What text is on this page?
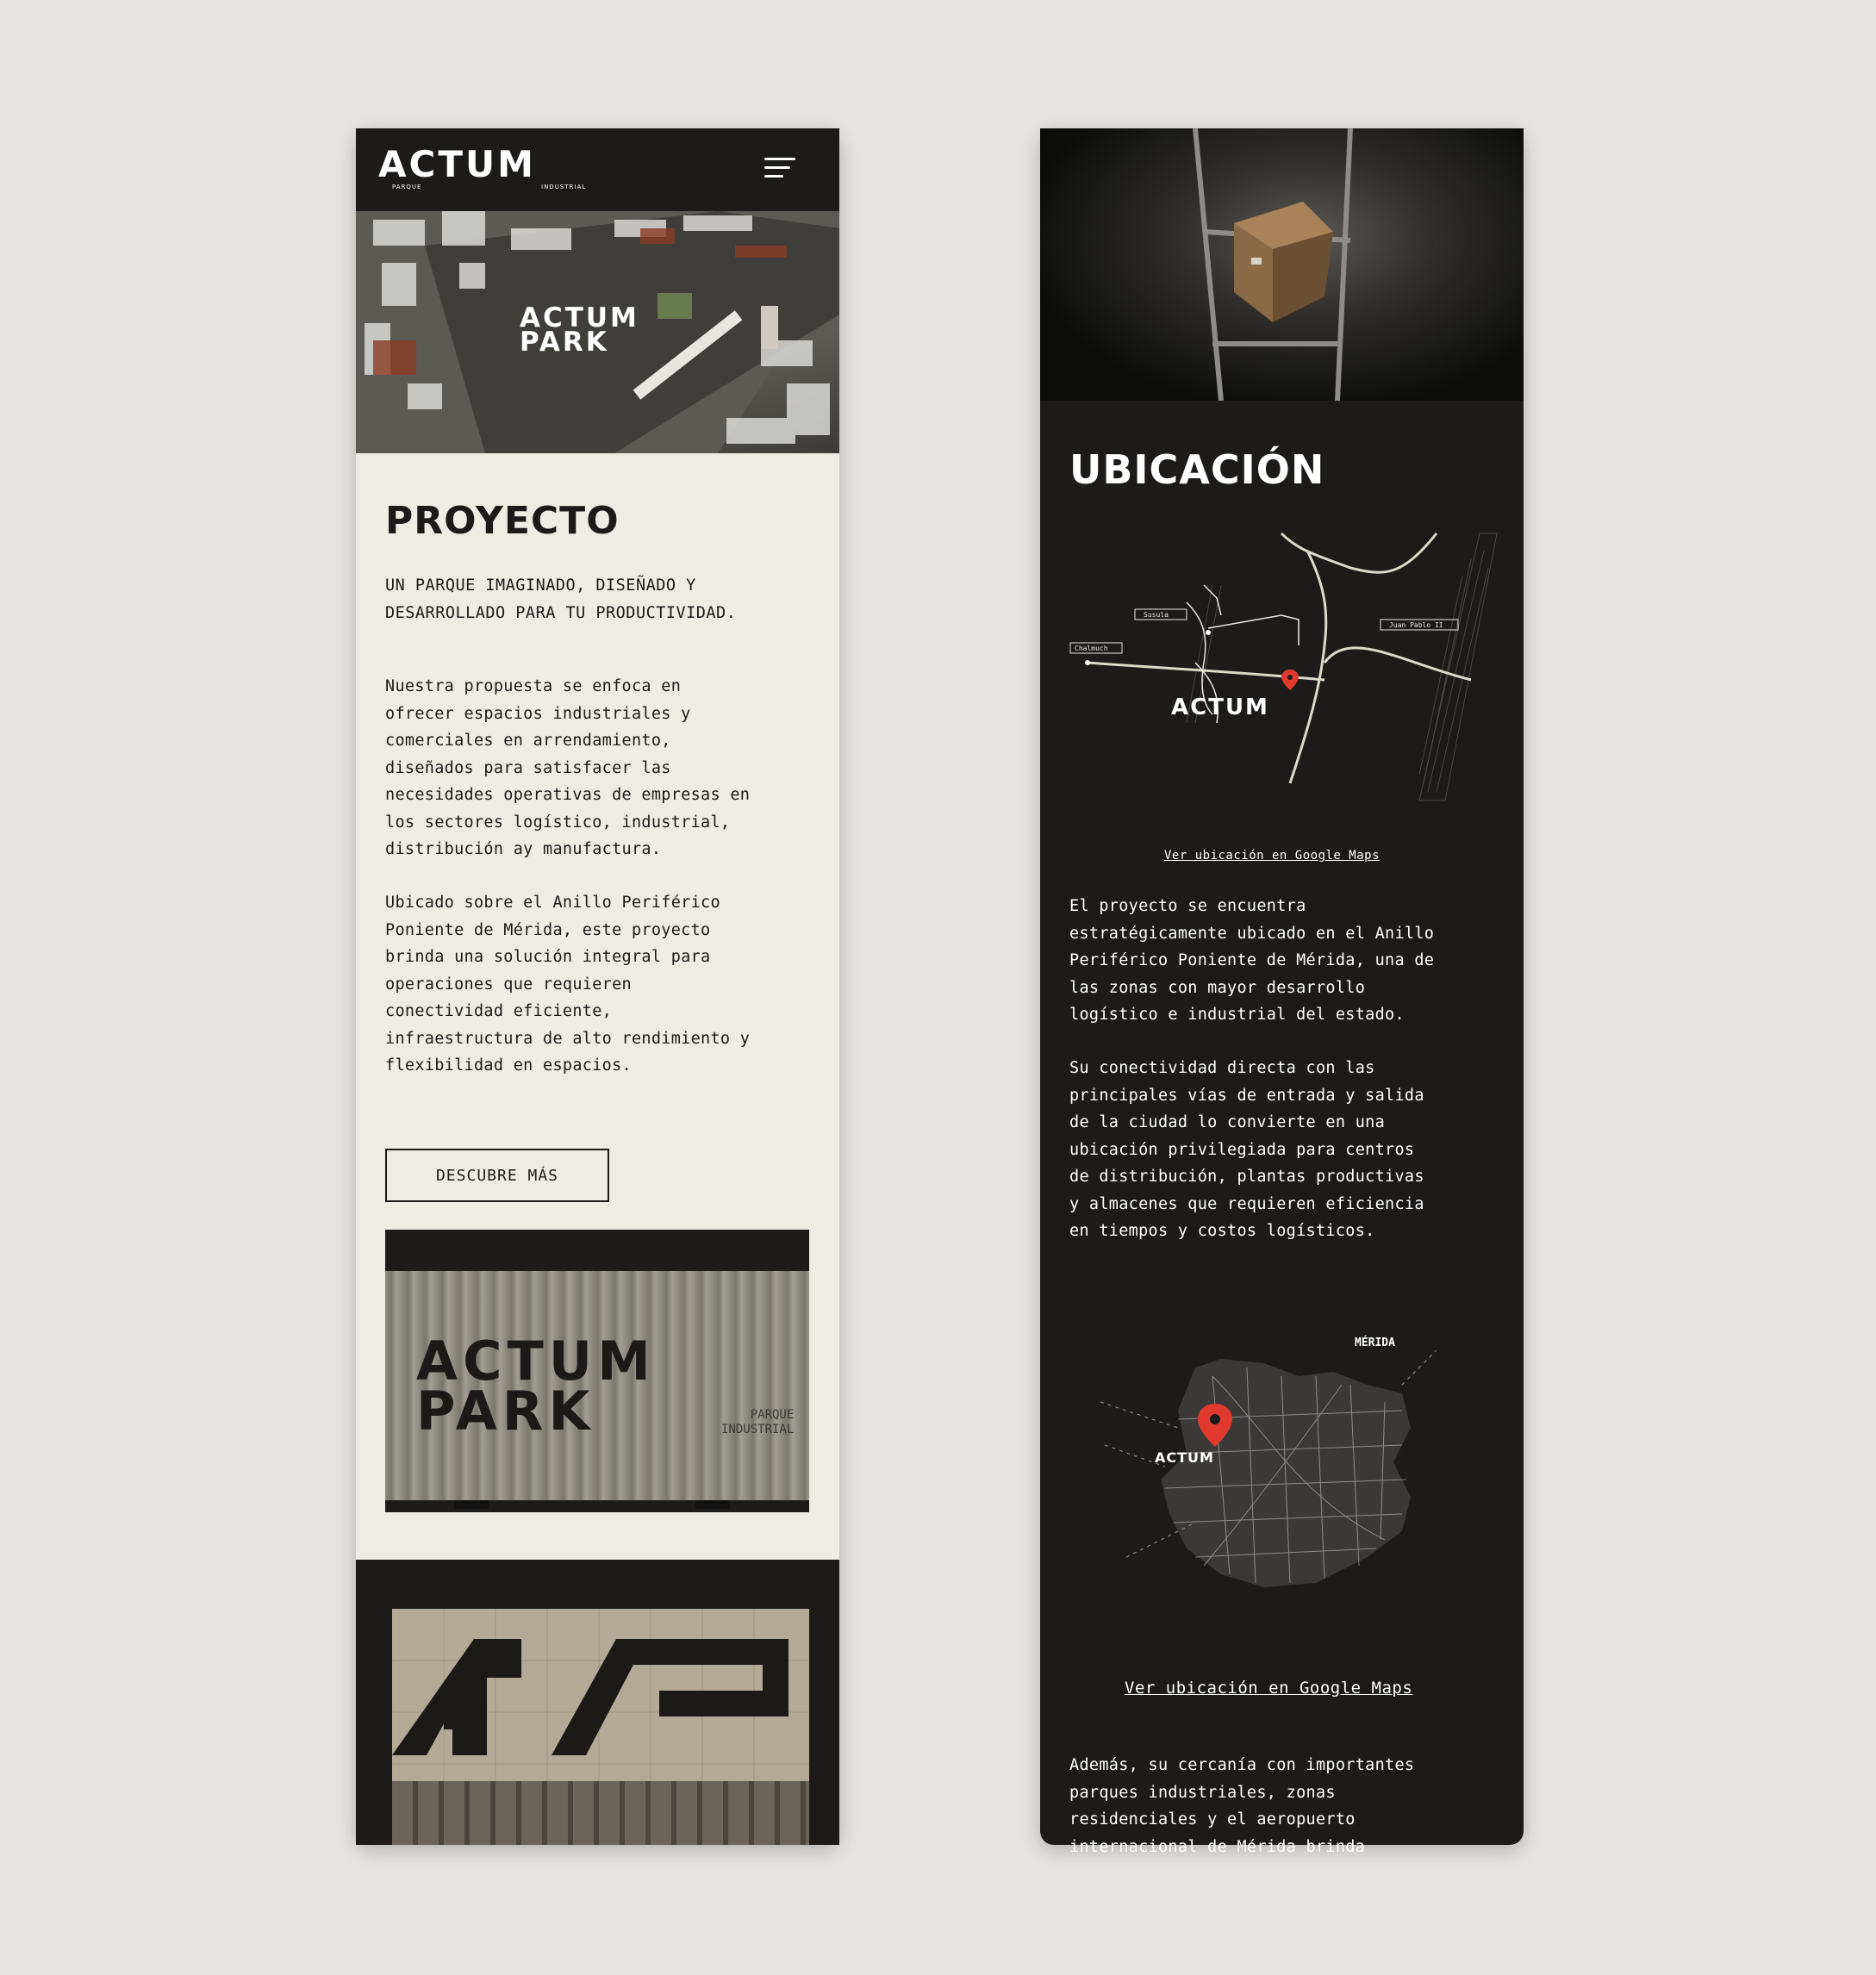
ACTUM
PARQUE	INDUSTRIAL
ACTUM
PARK
PROYECTO
UN PARQUE IMAGINADO, DISEÑADO Y
DESARROLLADO PARA TU PRODUCTIVIDAD.
Nuestra propuesta se enfoca en
ofrecer espacios industriales y
comerciales en arrendamiento,
diseñados para satisfacer las
necesidades operativas de empresas en
los sectores logístico, industrial,
distribución ay manufactura.
Ubicado sobre el Anillo Periférico
Poniente de Mérida, este proyecto
brinda una solución integral para
operaciones que requieren
conectividad eficiente,
infraestructura de alto rendimiento y
flexibilidad en espacios.
DESCUBRE MÁS
ACTUM
PARK	PARQUE
INDUSTRIAL
UBICACIÓN
Susula
Chalmuch
Juan Pablo II
ACTUM
Ver ubicación en Google Maps
El proyecto se encuentra
estratégicamente ubicado en el Anillo
Periférico Poniente de Mérida, una de
las zonas con mayor desarrollo
logístico e industrial del estado.
Su conectividad directa con las
principales vías de entrada y salida
de la ciudad lo convierte en una
ubicación privilegiada para centros
de distribución, plantas productivas
y almacenes que requieren eficiencia
en tiempos y costos logísticos.
MÉRIDA
ACTUM
Ver ubicación en Google Maps
Además, su cercanía con importantes
parques industriales, zonas
residenciales y el aeropuerto
internacional de Mérida brinda
